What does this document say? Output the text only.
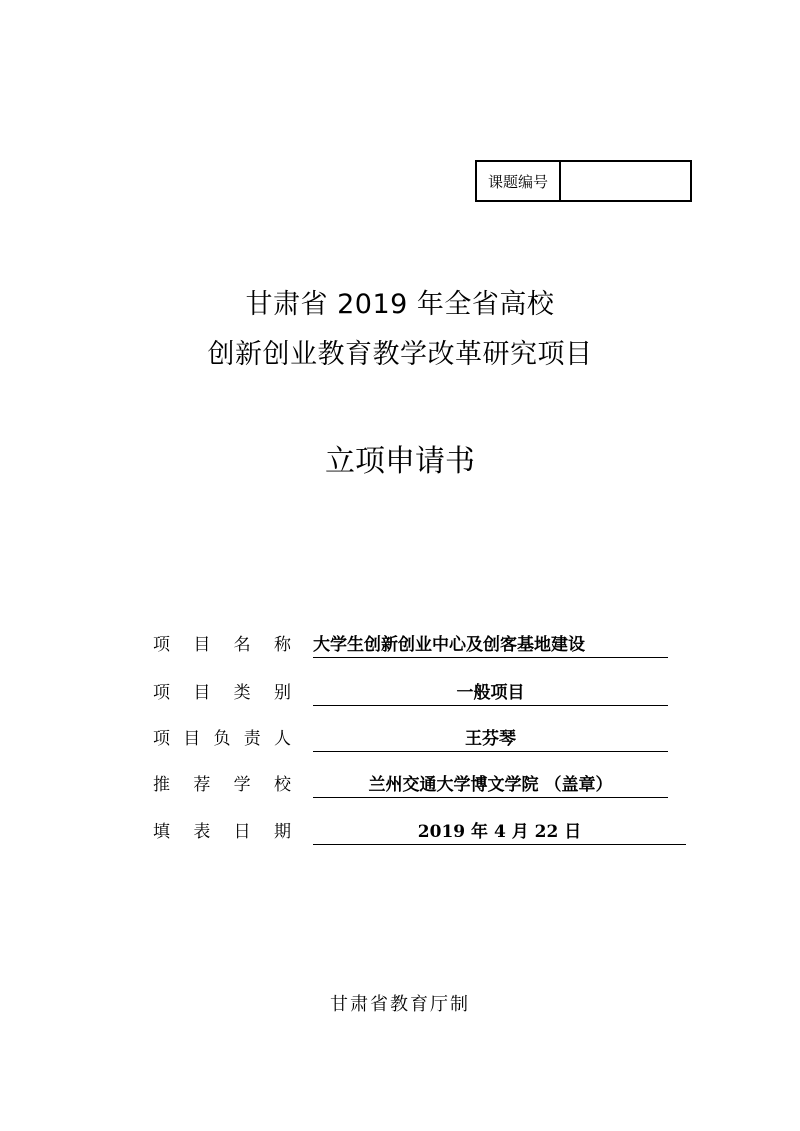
课题编号
甘肃省 2019 年全省高校
创新创业教育教学改革研究项目
立项申请书
项 目 名 称	大学生创新创业中心及创客基地建设
项 目 类 别	一般项目
项目负责人	王芬琴
推 荐 学 校	兰州交通大学博文学院 （盖章）
填 表 日 期	2019 年 4 月 22 日
甘肃省教育厅制
